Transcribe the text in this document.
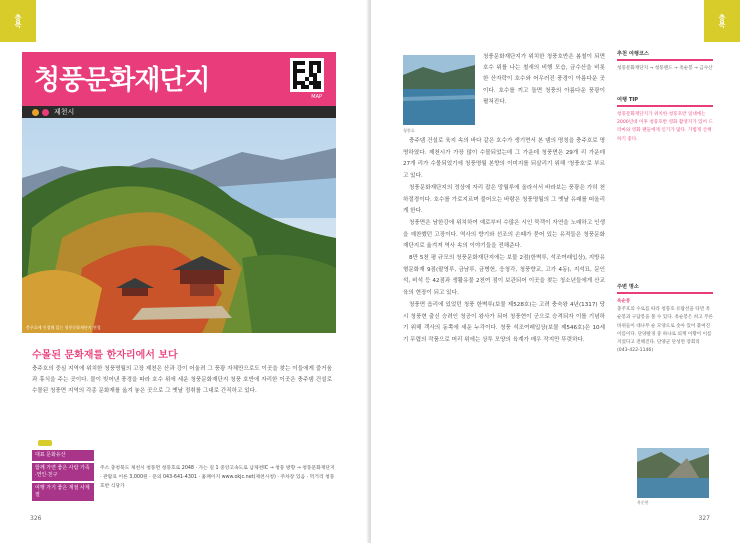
충북
청풍문화재단지
MAP
제천시
충주호에 인접해 있는 청풍문화재단지 전경
수몰된 문화재를 한자리에서 보다
충주호의 중심 지역에 위치한 청풍명월의 고장 제천은 산과 강이 어울려 그 풍광 자체만으로도 이곳을 찾는 이들에게 즐거움과 휴식을 주는 곳이다. 물이 빚어낸 풍경을 따라 호수 위에 세운 청풍문화재단지 청풍 호반에 자리한 이곳은 충주댐 건설로 수몰된 청풍면 지역의 각종 문화재를 옮겨 놓은 곳으로 그 옛날 정취를 그대로 간직하고 있다.
대표 문화유산
함께 가면 좋은 사람 가족·연인·친구
여행 가기 좋은 계절 사계절
주소 충청북도 제천시 청풍면 청풍호로 2048 · 가는 길 1 중앙고속도로 남제천IC → 청풍 방향 → 청풍문화재단지 · 관람료 어른 3,000원 · 문의 043-641-4301 · 홈페이지 www.okjc.net(제천시청) · 주차장 있음 · 먹거리 청풍호반 식당가
326
충북
청풍호
청풍문화재단지가 위치한 청풍호반은 봄철이 되면 호수 위를 나는 철새의 비행 모습, 금수산을 비롯한 산자락이 호수와 어우러진 풍경이 아름다운 곳이다. 호수를 끼고 돌면 청풍의 아름다운 풍광이 펼쳐진다.

충주댐 건설로 육지 속의 바다 같은 호수가 생기면서 본 댐의 명칭을 충주호로 명명하였다. 제천시가 가장 많이 수몰되었는데 그 가운데 청풍면은 29개 리 가운데 27개 리가 수몰되었기에 청풍명월 본향의 이미지를 되살리기 위해 '청풍호'로 부르고 있다.

청풍문화재단지의 정상에 자리 잡은 망월루에 올라서서 바라보는 풍광은 가히 천하절경이다. 호수를 가로지르며 불어오는 바람은 청풍명월의 그 옛날 유래를 떠올리게 한다.

청풍면은 남한강에 위치하여 예로부터 수많은 시인 묵객이 자연을 노래하고 인생을 예찬했던 고장이다. 역사의 향기와 선조의 손때가 묻어 있는 유적들은 청풍문화재단지로 옮겨져 역사 속의 이야기들을 전해준다.

8만 5천 평 규모의 청풍문화재단지에는 보물 2점(한벽루, 석조여래입상), 지방유형문화재 9점(팔영루, 금남루, 금병헌, 응청각, 청풍향교, 고가 4동), 지석묘, 문인석, 비석 등 42점과 생활유물 2천여 점이 보관되어 이곳을 찾는 청소년들에게 산교육의 현장이 되고 있다.

청풍면 읍리에 있었던 청풍 한벽루(보물 제528호)는 고려 충숙왕 4년(1317) 당시 청풍현 출신 승려인 청공이 왕사가 되어 청풍현이 군으로 승격되자 이를 기념하기 위해 객사의 동쪽에 세운 누각이다. 청풍 석조여래입상(보물 제546호)은 10세기 무렵의 작품으로 머리 위에는 상투 모양의 육계가 매우 작지만 뚜렷하다.

추천 여행코스
청풍문화재단지 → 청풍랜드 → 옥순봉 → 금수산
여행 TIP
청풍문화재단지가 위치한 청풍호반 일대에는 2000년대 이후 청풍호반 영화 촬영지가 있어 드라마와 영화 팬들에게 인기가 많다. 가볍게 산책하기 좋다.
주변 명소
옥순봉
충주호의 수로를 따라 청풍호 유람선을 타면 옥순봉과 구담봉을 볼 수 있다. 옥순봉은 희고 푸른 바위들이 대나무 순 모양으로 솟아 있어 붙여진 이름이다. 단양팔경 중 하나로 퇴계 이황이 이름 지었다고 전해진다. 단양군 단성면 장회리 (043-422-1146)
옥순봉
327
